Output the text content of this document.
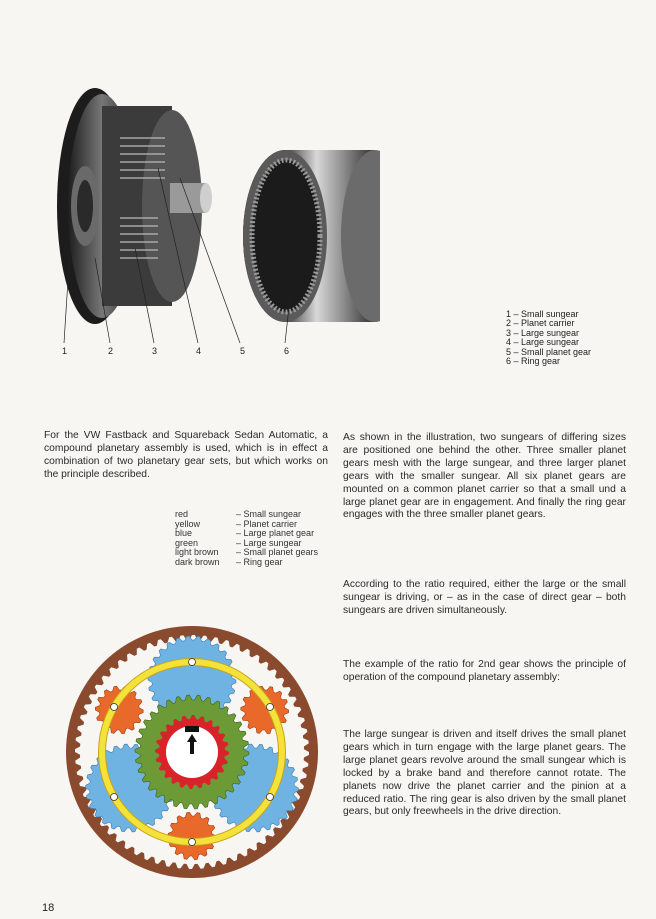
1	2	3	4	5	6
1 – Small sungear
2 – Planet carrier
3 – Large sungear
4 – Large sungear
5 – Small planet gear
6 – Ring gear
For the VW Fastback and Squareback Sedan Automatic, a compound planetary assembly is used, which is in effect a combination of two planetary gear sets, but which works on the principle described.
red	– Small sungear
yellow	– Planet carrier
blue	– Large planet gear
green	– Large sungear
light brown	– Small planet gears
dark brown	– Ring gear
As shown in the illustration, two sungears of differing sizes are positioned one behind the other. Three smaller planet gears mesh with the large sungear, and three larger planet gears with the smaller sungear. All six planet gears are mounted on a common planet carrier so that a small und a large planet gear are in engagement. And finally the ring gear engages with the three smaller planet gears.
According to the ratio required, either the large or the small sungear is driving, or – as in the case of direct gear – both sungears are driven simultaneously.
The example of the ratio for 2nd gear shows the principle of operation of the compound planetary assembly:
The large sungear is driven and itself drives the small planet gears which in turn engage with the large planet gears. The large planet gears revolve around the small sungear which is locked by a brake band and therefore cannot rotate. The planets now drive the planet carrier and the pinion at a reduced ratio. The ring gear is also driven by the small planet gears, but only freewheels in the drive direction.
18
